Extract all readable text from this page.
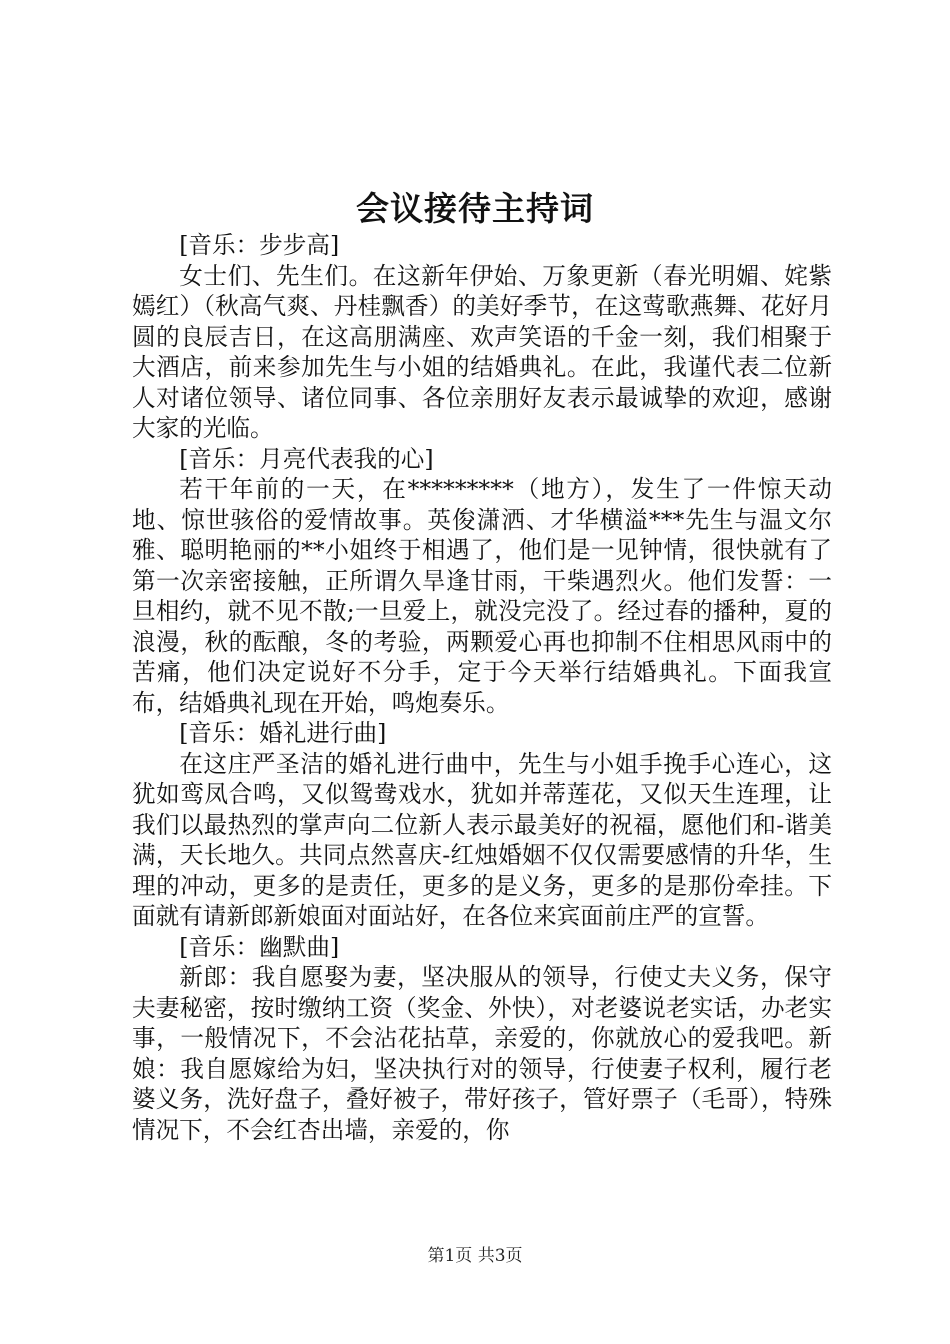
会议接待主持词

[音乐：步步高]

女士们、先生们。在这新年伊始、万象更新（春光明媚、姹紫嫣红）（秋高气爽、丹桂飘香）的美好季节，在这莺歌燕舞、花好月圆的良辰吉日，在这高朋满座、欢声笑语的千金一刻，我们相聚于大酒店，前来参加先生与小姐的结婚典礼。在此，我谨代表二位新人对诸位领导、诸位同事、各位亲朋好友表示最诚挚的欢迎，感谢大家的光临。

[音乐：月亮代表我的心]

若干年前的一天，在*********（地方），发生了一件惊天动地、惊世骇俗的爱情故事。英俊潇洒、才华横溢***先生与温文尔雅、聪明艳丽的**小姐终于相遇了，他们是一见钟情，很快就有了第一次亲密接触，正所谓久旱逢甘雨，干柴遇烈火。他们发誓：一旦相约，就不见不散;一旦爱上，就没完没了。经过春的播种，夏的浪漫，秋的酝酿，冬的考验，两颗爱心再也抑制不住相思风雨中的苦痛，他们决定说好不分手，定于今天举行结婚典礼。下面我宣布，结婚典礼现在开始，鸣炮奏乐。

[音乐：婚礼进行曲]

在这庄严圣洁的婚礼进行曲中，先生与小姐手挽手心连心，这犹如鸾凤合鸣，又似鸳鸯戏水，犹如并蒂莲花，又似天生连理，让我们以最热烈的掌声向二位新人表示最美好的祝福，愿他们和-谐美满，天长地久。共同点然喜庆-红烛婚姻不仅仅需要感情的升华，生理的冲动，更多的是责任，更多的是义务，更多的是那份牵挂。下面就有请新郎新娘面对面站好，在各位来宾面前庄严的宣誓。

[音乐：幽默曲]

新郎：我自愿娶为妻，坚决服从的领导，行使丈夫义务，保守夫妻秘密，按时缴纳工资（奖金、外快），对老婆说老实话，办老实事，一般情况下，不会沾花拈草，亲爱的，你就放心的爱我吧。新娘：我自愿嫁给为妇，坚决执行对的领导，行使妻子权利，履行老婆义务，洗好盘子，叠好被子，带好孩子，管好票子（毛哥），特殊情况下，不会红杏出墙，亲爱的，你

第1页 共3页
